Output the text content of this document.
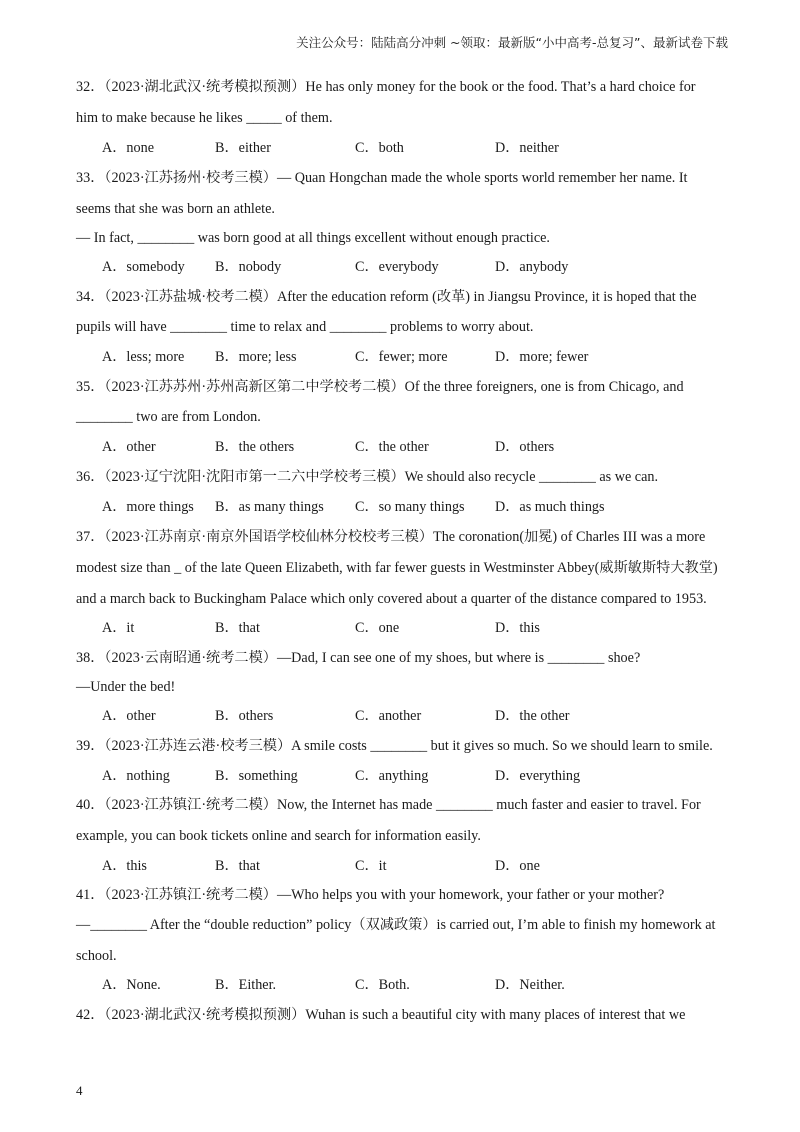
关注公众号：陆陆高分冲刺 ~领取：最新版“小中高考-总复习”、最新试卷下载
32．（2023·湖北武汉·统考模拟预测）He has only money for the book or the food. That’s a hard choice for
him to make because he likes _____ of them.
A．none	B．either	C．both	D．neither
33．（2023·江苏扬州·校考三模）— Quan Hongchan made the whole sports world remember her name. It
seems that she was born an athlete.
— In fact, ________ was born good at all things excellent without enough practice.
A．somebody B．nobody	C．everybody	D．anybody
34．（2023·江苏盐城·校考二模）After the education reform (改革) in Jiangsu Province, it is hoped that the
pupils will have ________ time to relax and ________ problems to worry about.
A．less; more B．more; less	C．fewer; more	D．more; fewer
35．（2023·江苏苏州·苏州高新区第二中学校考二模）Of the three foreigners, one is from Chicago, and
________ two are from London.
A．other	B．the others	C．the other	D．others
36．（2023·辽宁沈阳·沈阳市第一二六中学校考三模）We should also recycle ________ as we can.
A．more things B．as many things C．so many things D．as much things
37．（2023·江苏南京·南京外国语学校仙林分校校考三模）The coronation(加冕) of Charles III was a more
modest size than _ of the late Queen Elizabeth, with far fewer guests in Westminster Abbey(威斯敏斯特大教堂)
and a march back to Buckingham Palace which only covered about a quarter of the distance compared to 1953.
A．it	B．that	C．one	D．this
38．（2023·云南昭通·统考二模）—Dad, I can see one of my shoes, but where is ________ shoe?
—Under the bed!
A．other	B．others	C．another	D．the other
39．（2023·江苏连云港·校考三模）A smile costs ________ but it gives so much. So we should learn to smile.
A．nothing	B．something	C．anything	D．everything
40．（2023·江苏镇江·统考二模）Now, the Internet has made ________ much faster and easier to travel. For
example, you can book tickets online and search for information easily.
A．this	B．that	C．it	D．one
41．（2023·江苏镇江·统考二模）—Who helps you with your homework, your father or your mother?
—________ After the “double reduction” policy（双减政策）is carried out, I’m able to finish my homework at
school.
A．None.	B．Either.	C．Both.	D．Neither.
42．（2023·湖北武汉·统考模拟预测）Wuhan is such a beautiful city with many places of interest that we
4
